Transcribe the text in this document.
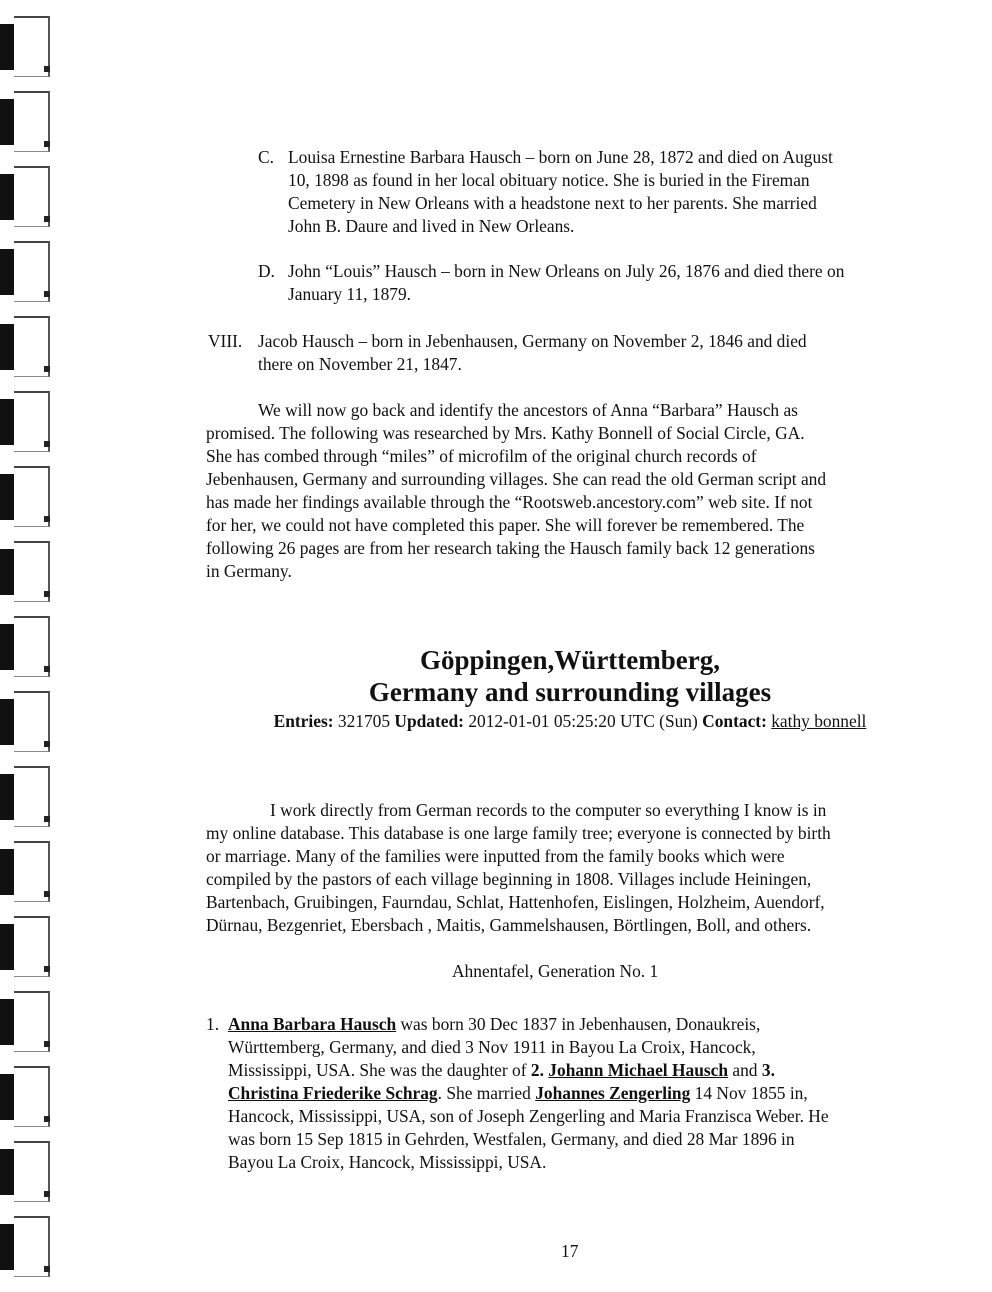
C. Louisa Ernestine Barbara Hausch – born on June 28, 1872 and died on August
10, 1898 as found in her local obituary notice. She is buried in the Fireman
Cemetery in New Orleans with a headstone next to her parents. She married
John B. Daure and lived in New Orleans.
D. John “Louis” Hausch – born in New Orleans on July 26, 1876 and died there on
January 11, 1879.
VIII. Jacob Hausch – born in Jebenhausen, Germany on November 2, 1846 and died
there on November 21, 1847.
We will now go back and identify the ancestors of Anna “Barbara” Hausch as
promised. The following was researched by Mrs. Kathy Bonnell of Social Circle, GA.
She has combed through “miles” of microfilm of the original church records of
Jebenhausen, Germany and surrounding villages. She can read the old German script and
has made her findings available through the “Rootsweb.ancestory.com” web site. If not
for her, we could not have completed this paper. She will forever be remembered. The
following 26 pages are from her research taking the Hausch family back 12 generations
in Germany.
Göppingen,Württemberg,
Germany and surrounding villages
Entries: 321705 Updated: 2012-01-01 05:25:20 UTC (Sun) Contact: kathy bonnell
I work directly from German records to the computer so everything I know is in
my online database. This database is one large family tree; everyone is connected by birth
or marriage. Many of the families were inputted from the family books which were
compiled by the pastors of each village beginning in 1808. Villages include Heiningen,
Bartenbach, Gruibingen, Faurndau, Schlat, Hattenhofen, Eislingen, Holzheim, Auendorf,
Dürnau, Bezgenriet, Ebersbach , Maitis, Gammelshausen, Börtlingen, Boll, and others.
Ahnentafel, Generation No. 1
1. Anna Barbara Hausch was born 30 Dec 1837 in Jebenhausen, Donaukreis,
Württemberg, Germany, and died 3 Nov 1911 in Bayou La Croix, Hancock,
Mississippi, USA. She was the daughter of 2. Johann Michael Hausch and 3.
Christina Friederike Schrag. She married Johannes Zengerling 14 Nov 1855 in,
Hancock, Mississippi, USA, son of Joseph Zengerling and Maria Franzisca Weber. He
was born 15 Sep 1815 in Gehrden, Westfalen, Germany, and died 28 Mar 1896 in
Bayou La Croix, Hancock, Mississippi, USA.
17
